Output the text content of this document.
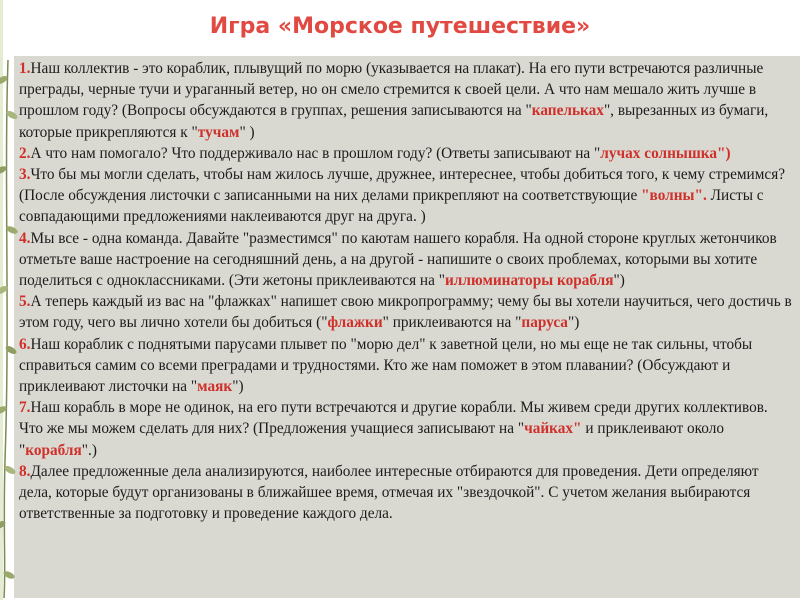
Игра «Морское путешествие»

1.Наш коллектив - это кораблик, плывущий по морю (указывается на плакат). На его пути встречаются различные преграды, черные тучи и ураганный ветер, но он смело стремится к своей цели. А что нам мешало жить лучше в прошлом году? (Вопросы обсуждаются в группах, решения записываются на "капельках", вырезанных из бумаги, которые прикрепляются к "тучам" )

2.А что нам помогало? Что поддерживало нас в прошлом году? (Ответы записывают на "лучах солнышка")

3.Что бы мы могли сделать, чтобы нам жилось лучше, дружнее, интереснее, чтобы добиться того, к чему стремимся? (После обсуждения листочки с записанными на них делами прикрепляют на соответствующие "волны". Листы с совпадающими предложениями наклеиваются друг на друга. )

4.Мы все - одна команда. Давайте "разместимся" по каютам нашего корабля. На одной стороне круглых жетончиков отметьте ваше настроение на сегодняшний день, а на другой - напишите о своих проблемах, которыми вы хотите поделиться с одноклассниками. (Эти жетоны приклеиваются на "иллюминаторы корабля")

5.А теперь каждый из вас на "флажках" напишет свою микропрограмму; чему бы вы хотели научиться, чего достичь в этом году, чего вы лично хотели бы добиться ("флажки" приклеиваются на "паруса")

6.Наш кораблик с поднятыми парусами плывет по "морю дел" к заветной цели, но мы еще не так сильны, чтобы справиться самим со всеми преградами и трудностями. Кто же нам поможет в этом плавании? (Обсуждают и приклеивают листочки на "маяк")

7.Наш корабль в море не одинок, на его пути встречаются и другие корабли. Мы живем среди других коллективов. Что же мы можем сделать для них? (Предложения учащиеся записывают на "чайках" и приклеивают около "корабля".)

8.Далее предложенные дела анализируются, наиболее интересные отбираются для проведения. Дети определяют дела, которые будут организованы в ближайшее время, отмечая их "звездочкой". С учетом желания выбираются ответственные за подготовку и проведение каждого дела.
